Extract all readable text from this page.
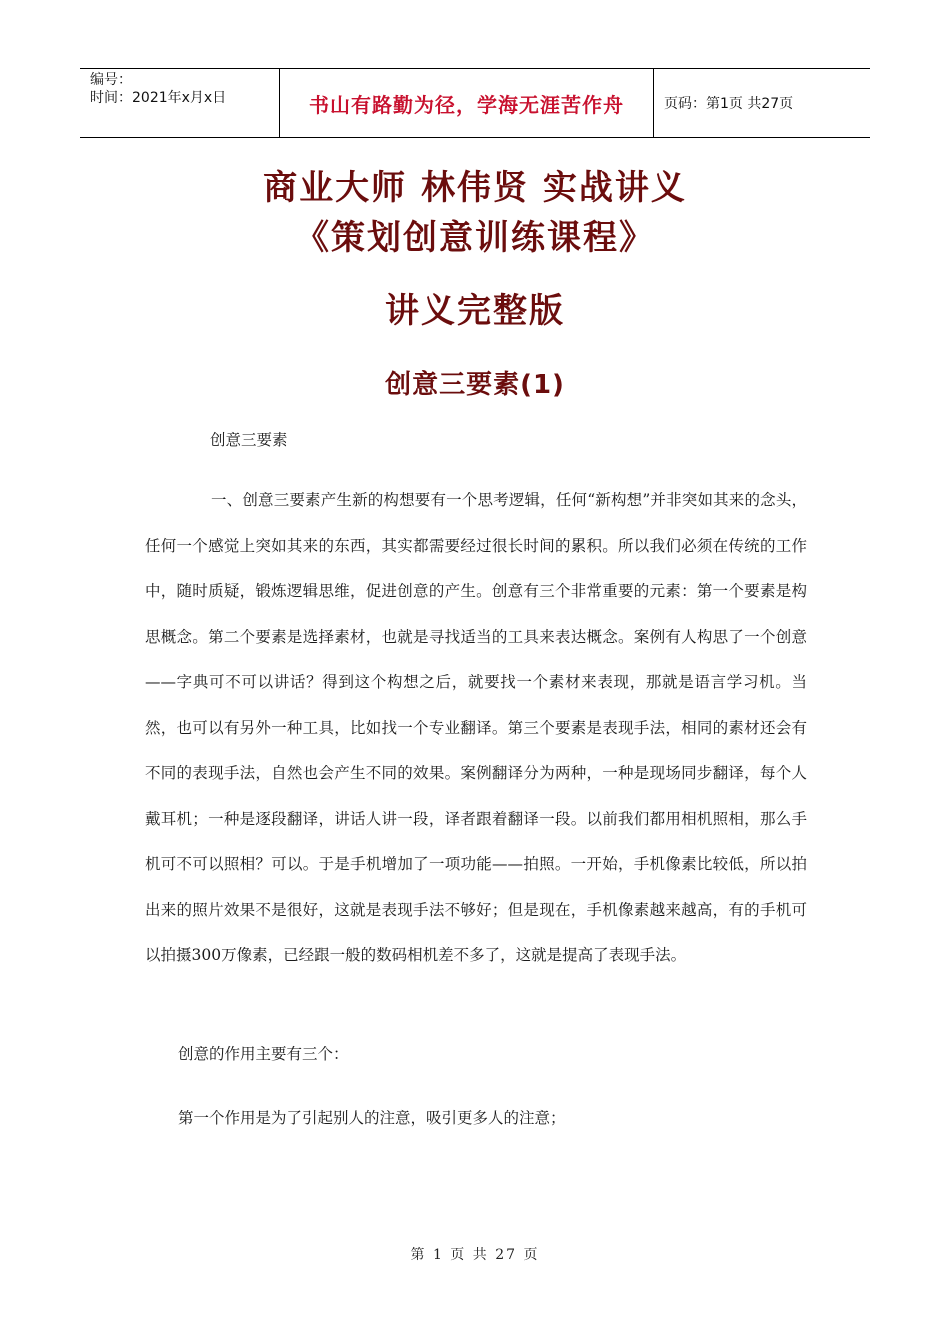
编号：
时间：2021年x月x日	书山有路勤为径，学海无涯苦作舟	页码：第1页 共27页
商业大师 林伟贤 实战讲义
《策划创意训练课程》
讲义完整版
创意三要素(1)
创意三要素
一、创意三要素产生新的构想要有一个思考逻辑，任何“新构想”并非突如其来的念头，任何一个感觉上突如其来的东西，其实都需要经过很长时间的累积。所以我们必须在传统的工作中，随时质疑，锻炼逻辑思维，促进创意的产生。创意有三个非常重要的元素：第一个要素是构思概念。第二个要素是选择素材，也就是寻找适当的工具来表达概念。案例有人构思了一个创意——字典可不可以讲话？得到这个构想之后，就要找一个素材来表现，那就是语言学习机。当然，也可以有另外一种工具，比如找一个专业翻译。第三个要素是表现手法，相同的素材还会有不同的表现手法，自然也会产生不同的效果。案例翻译分为两种，一种是现场同步翻译，每个人戴耳机；一种是逐段翻译，讲话人讲一段，译者跟着翻译一段。以前我们都用相机照相，那么手机可不可以照相？可以。于是手机增加了一项功能——拍照。一开始，手机像素比较低，所以拍出来的照片效果不是很好，这就是表现手法不够好；但是现在，手机像素越来越高，有的手机可以拍摄300万像素，已经跟一般的数码相机差不多了，这就是提高了表现手法。
创意的作用主要有三个：
第一个作用是为了引起别人的注意，吸引更多人的注意；
第 1 页 共 27 页
